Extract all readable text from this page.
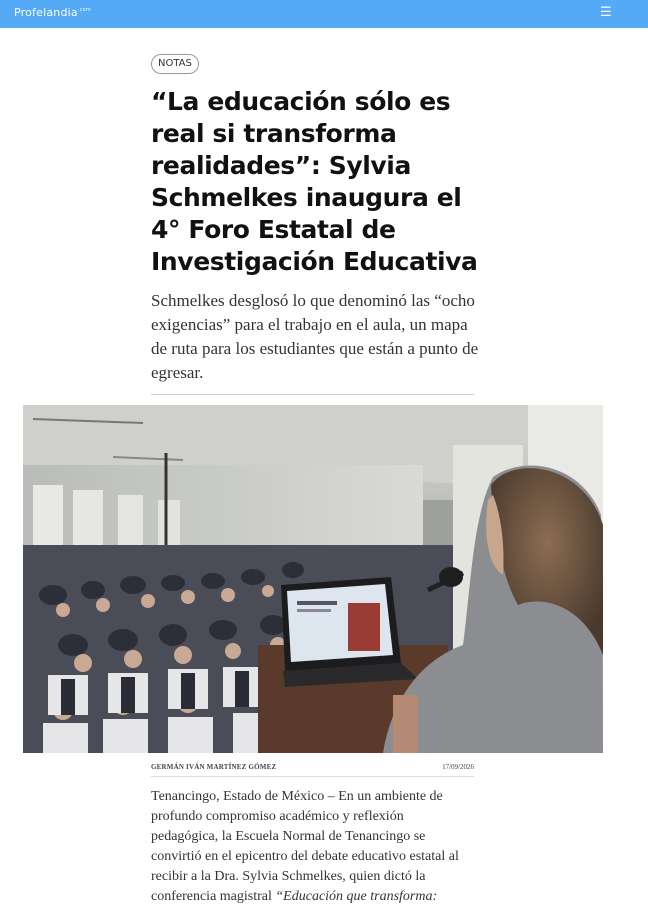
Profelandia$^{.com}$	☰
NOTAS
“La educación sólo es real si transforma realidades”: Sylvia Schmelkes inaugura el 4° Foro Estatal de Investigación Educativa

Schmelkes desglosó lo que denominó las “ocho exigencias” para el trabajo en el aula, un mapa de ruta para los estudiantes que están a punto de egresar.

GERMÁN IVÁN MARTÍNEZ GÓMEZ	17/09/2026

Tenancingo, Estado de México – En un ambiente de profundo compromiso académico y reflexión pedagógica, la Escuela Normal de Tenancingo se convirtió en el epicentro del debate educativo estatal al recibir a la Dra. Sylvia Schmelkes, quien dictó la conferencia magistral “Educación que transforma:
